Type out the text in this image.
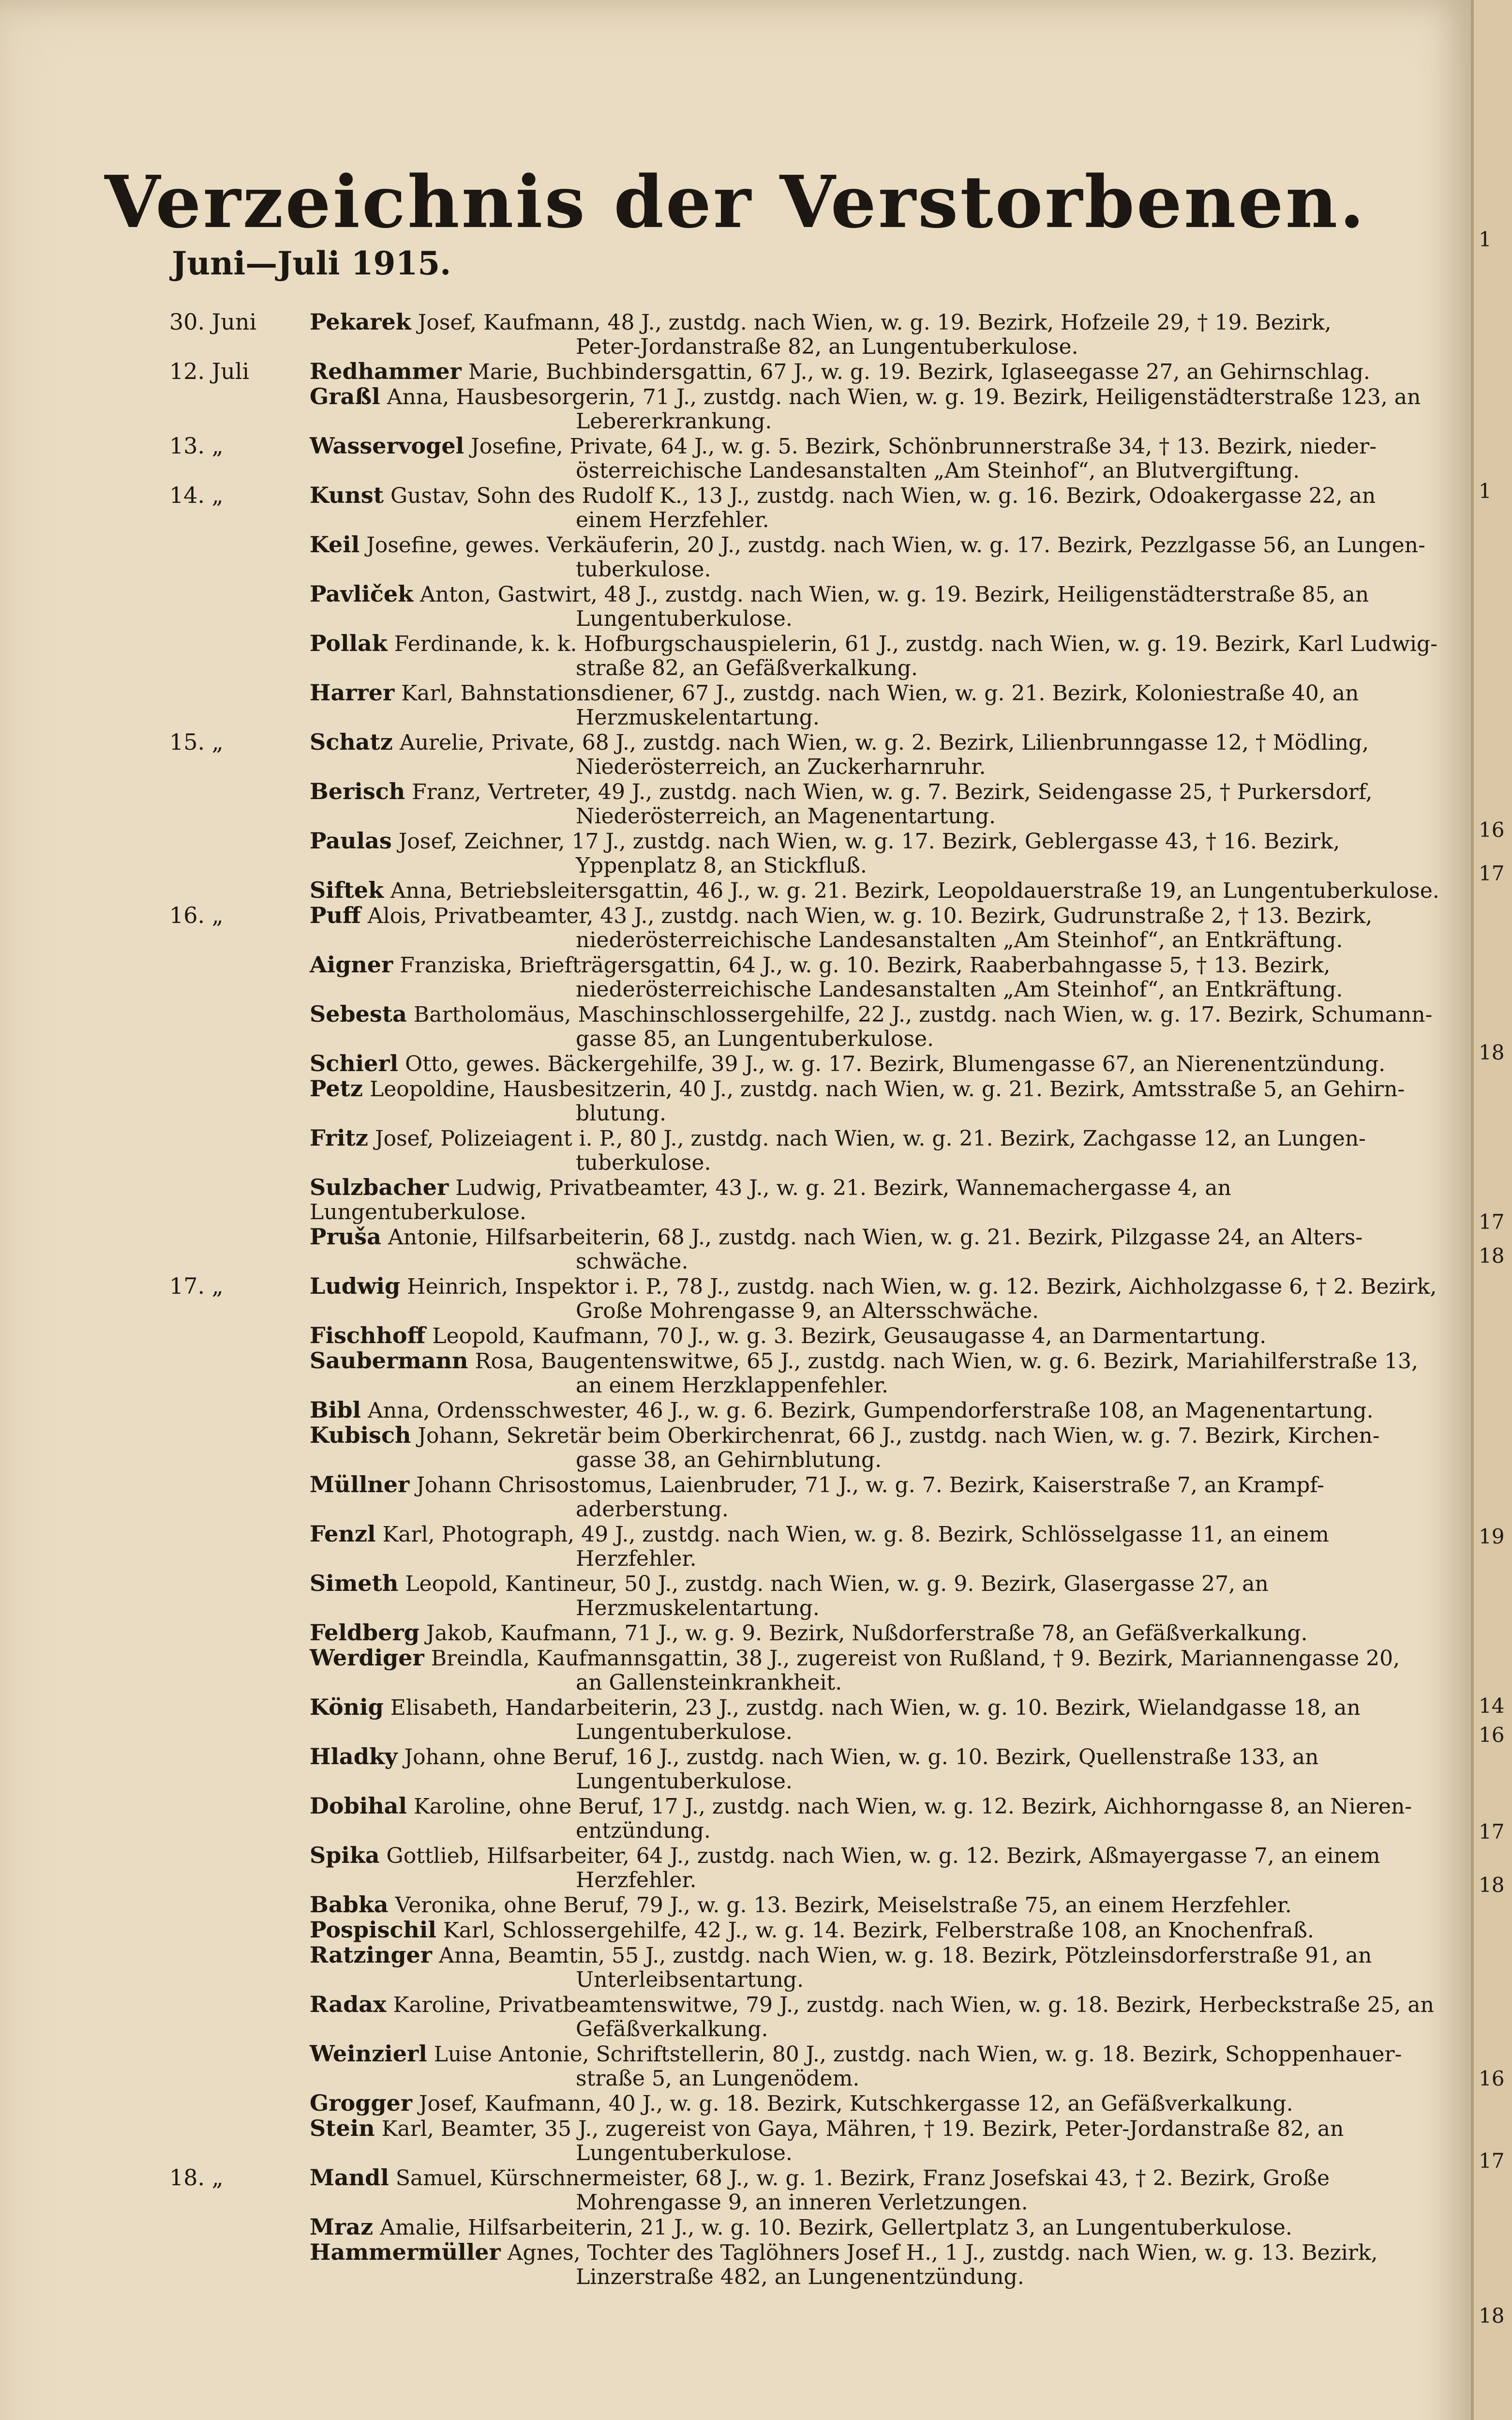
Verzeichnis der Verstorbenen.
Juni—Juli 1915.
30. Juni	Pekarek Josef, Kaufmann, 48 J., zustdg. nach Wien, w. g. 19. Bezirk, Hofzeile 29, † 19. Bezirk,
Peter-Jordanstraße 82, an Lungentuberkulose.
12. Juli	Redhammer Marie, Buchbindersgattin, 67 J., w. g. 19. Bezirk, Iglaseegasse 27, an Gehirnschlag.
Graßl Anna, Hausbesorgerin, 71 J., zustdg. nach Wien, w. g. 19. Bezirk, Heiligenstädterstraße 123, an
Lebererkrankung.
13. „	Wasservogel Josefine, Private, 64 J., w. g. 5. Bezirk, Schönbrunnerstraße 34, † 13. Bezirk, nieder-
österreichische Landesanstalten „Am Steinhof“, an Blutvergiftung.
14. „	Kunst Gustav, Sohn des Rudolf K., 13 J., zustdg. nach Wien, w. g. 16. Bezirk, Odoakergasse 22, an
einem Herzfehler.
Keil Josefine, gewes. Verkäuferin, 20 J., zustdg. nach Wien, w. g. 17. Bezirk, Pezzlgasse 56, an Lungen-
tuberkulose.
Pavliček Anton, Gastwirt, 48 J., zustdg. nach Wien, w. g. 19. Bezirk, Heiligenstädterstraße 85, an
Lungentuberkulose.
Pollak Ferdinande, k. k. Hofburgschauspielerin, 61 J., zustdg. nach Wien, w. g. 19. Bezirk, Karl Ludwig-
straße 82, an Gefäßverkalkung.
Harrer Karl, Bahnstationsdiener, 67 J., zustdg. nach Wien, w. g. 21. Bezirk, Koloniestraße 40, an
Herzmuskelentartung.
15. „	Schatz Aurelie, Private, 68 J., zustdg. nach Wien, w. g. 2. Bezirk, Lilienbrunngasse 12, † Mödling,
Niederösterreich, an Zuckerharnruhr.
Berisch Franz, Vertreter, 49 J., zustdg. nach Wien, w. g. 7. Bezirk, Seidengasse 25, † Purkersdorf,
Niederösterreich, an Magenentartung.
Paulas Josef, Zeichner, 17 J., zustdg. nach Wien, w. g. 17. Bezirk, Geblergasse 43, † 16. Bezirk,
Yppenplatz 8, an Stickfluß.
Siftek Anna, Betriebsleitersgattin, 46 J., w. g. 21. Bezirk, Leopoldauerstraße 19, an Lungentuberkulose.
16. „	Puff Alois, Privatbeamter, 43 J., zustdg. nach Wien, w. g. 10. Bezirk, Gudrunstraße 2, † 13. Bezirk,
niederösterreichische Landesanstalten „Am Steinhof“, an Entkräftung.
Aigner Franziska, Briefträgersgattin, 64 J., w. g. 10. Bezirk, Raaberbahngasse 5, † 13. Bezirk,
niederösterreichische Landesanstalten „Am Steinhof“, an Entkräftung.
Sebesta Bartholomäus, Maschinschlossergehilfe, 22 J., zustdg. nach Wien, w. g. 17. Bezirk, Schumann-
gasse 85, an Lungentuberkulose.
Schierl Otto, gewes. Bäckergehilfe, 39 J., w. g. 17. Bezirk, Blumengasse 67, an Nierenentzündung.
Petz Leopoldine, Hausbesitzerin, 40 J., zustdg. nach Wien, w. g. 21. Bezirk, Amtsstraße 5, an Gehirn-
blutung.
Fritz Josef, Polizeiagent i. P., 80 J., zustdg. nach Wien, w. g. 21. Bezirk, Zachgasse 12, an Lungen-
tuberkulose.
Sulzbacher Ludwig, Privatbeamter, 43 J., w. g. 21. Bezirk, Wannemachergasse 4, an Lungentuberkulose.
Pruša Antonie, Hilfsarbeiterin, 68 J., zustdg. nach Wien, w. g. 21. Bezirk, Pilzgasse 24, an Alters-
schwäche.
17. „	Ludwig Heinrich, Inspektor i. P., 78 J., zustdg. nach Wien, w. g. 12. Bezirk, Aichholzgasse 6, † 2. Bezirk,
Große Mohrengasse 9, an Altersschwäche.
Fischhoff Leopold, Kaufmann, 70 J., w. g. 3. Bezirk, Geusaugasse 4, an Darmentartung.
Saubermann Rosa, Baugentenswitwe, 65 J., zustdg. nach Wien, w. g. 6. Bezirk, Mariahilferstraße 13,
an einem Herzklappenfehler.
Bibl Anna, Ordensschwester, 46 J., w. g. 6. Bezirk, Gumpendorferstraße 108, an Magenentartung.
Kubisch Johann, Sekretär beim Oberkirchenrat, 66 J., zustdg. nach Wien, w. g. 7. Bezirk, Kirchen-
gasse 38, an Gehirnblutung.
Müllner Johann Chrisostomus, Laienbruder, 71 J., w. g. 7. Bezirk, Kaiserstraße 7, an Krampf-
aderberstung.
Fenzl Karl, Photograph, 49 J., zustdg. nach Wien, w. g. 8. Bezirk, Schlösselgasse 11, an einem
Herzfehler.
Simeth Leopold, Kantineur, 50 J., zustdg. nach Wien, w. g. 9. Bezirk, Glasergasse 27, an
Herzmuskelentartung.
Feldberg Jakob, Kaufmann, 71 J., w. g. 9. Bezirk, Nußdorferstraße 78, an Gefäßverkalkung.
Werdiger Breindla, Kaufmannsgattin, 38 J., zugereist von Rußland, † 9. Bezirk, Mariannengasse 20,
an Gallensteinkrankheit.
König Elisabeth, Handarbeiterin, 23 J., zustdg. nach Wien, w. g. 10. Bezirk, Wielandgasse 18, an
Lungentuberkulose.
Hladky Johann, ohne Beruf, 16 J., zustdg. nach Wien, w. g. 10. Bezirk, Quellenstraße 133, an
Lungentuberkulose.
Dobihal Karoline, ohne Beruf, 17 J., zustdg. nach Wien, w. g. 12. Bezirk, Aichhorngasse 8, an Nieren-
entzündung.
Spika Gottlieb, Hilfsarbeiter, 64 J., zustdg. nach Wien, w. g. 12. Bezirk, Aßmayergasse 7, an einem
Herzfehler.
Babka Veronika, ohne Beruf, 79 J., w. g. 13. Bezirk, Meiselstraße 75, an einem Herzfehler.
Pospischil Karl, Schlossergehilfe, 42 J., w. g. 14. Bezirk, Felberstraße 108, an Knochenfraß.
Ratzinger Anna, Beamtin, 55 J., zustdg. nach Wien, w. g. 18. Bezirk, Pötzleinsdorferstraße 91, an
Unterleibsentartung.
Radax Karoline, Privatbeamtenswitwe, 79 J., zustdg. nach Wien, w. g. 18. Bezirk, Herbeckstraße 25, an
Gefäßverkalkung.
Weinzierl Luise Antonie, Schriftstellerin, 80 J., zustdg. nach Wien, w. g. 18. Bezirk, Schoppenhauer-
straße 5, an Lungenödem.
Grogger Josef, Kaufmann, 40 J., w. g. 18. Bezirk, Kutschkergasse 12, an Gefäßverkalkung.
Stein Karl, Beamter, 35 J., zugereist von Gaya, Mähren, † 19. Bezirk, Peter-Jordanstraße 82, an
Lungentuberkulose.
18. „	Mandl Samuel, Kürschnermeister, 68 J., w. g. 1. Bezirk, Franz Josefskai 43, † 2. Bezirk, Große
Mohrengasse 9, an inneren Verletzungen.
Mraz Amalie, Hilfsarbeiterin, 21 J., w. g. 10. Bezirk, Gellertplatz 3, an Lungentuberkulose.
Hammermüller Agnes, Tochter des Taglöhners Josef H., 1 J., zustdg. nach Wien, w. g. 13. Bezirk,
Linzerstraße 482, an Lungenentzündung.
1
1
16
17
18
17
18
19
14
16
17
18
16
17
18
